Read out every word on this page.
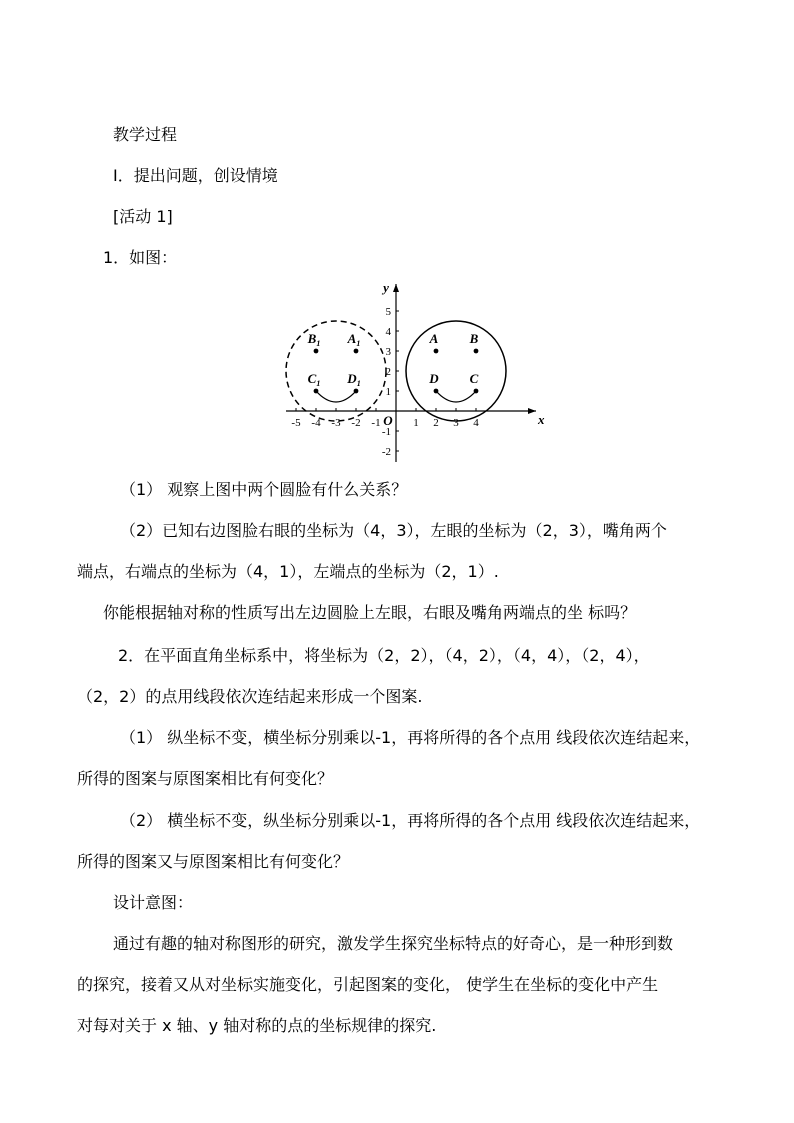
教学过程
Ⅰ．提出问题，创设情境
[活动 1]
1．如图：
x
y
O
-5 -4 -3 -2 -1	1 2 3 4
5
4
3
2
1
-1
-2
A B
D C
$B_1$ $A_1$
$C_1$ $D_1$
（1） 观察上图中两个圆脸有什么关系？
（2）已知右边图脸右眼的坐标为（4，3），左眼的坐标为（2，3），嘴角两个
端点，右端点的坐标为（4，1），左端点的坐标为（2，1）.
你能根据轴对称的性质写出左边圆脸上左眼，右眼及嘴角两端点的坐 标吗？
2．在平面直角坐标系中，将坐标为（2，2），（4，2），（4，4），（2，4），
（2，2）的点用线段依次连结起来形成一个图案.
（1） 纵坐标不变，横坐标分别乘以-1，再将所得的各个点用 线段依次连结起来，
所得的图案与原图案相比有何变化？
（2） 横坐标不变，纵坐标分别乘以-1，再将所得的各个点用 线段依次连结起来，
所得的图案又与原图案相比有何变化？
设计意图：
通过有趣的轴对称图形的研究，激发学生探究坐标特点的好奇心，是一种形到数
的探究，接着又从对坐标实施变化，引起图案的变化， 使学生在坐标的变化中产生
对每对关于 x 轴、y 轴对称的点的坐标规律的探究.
